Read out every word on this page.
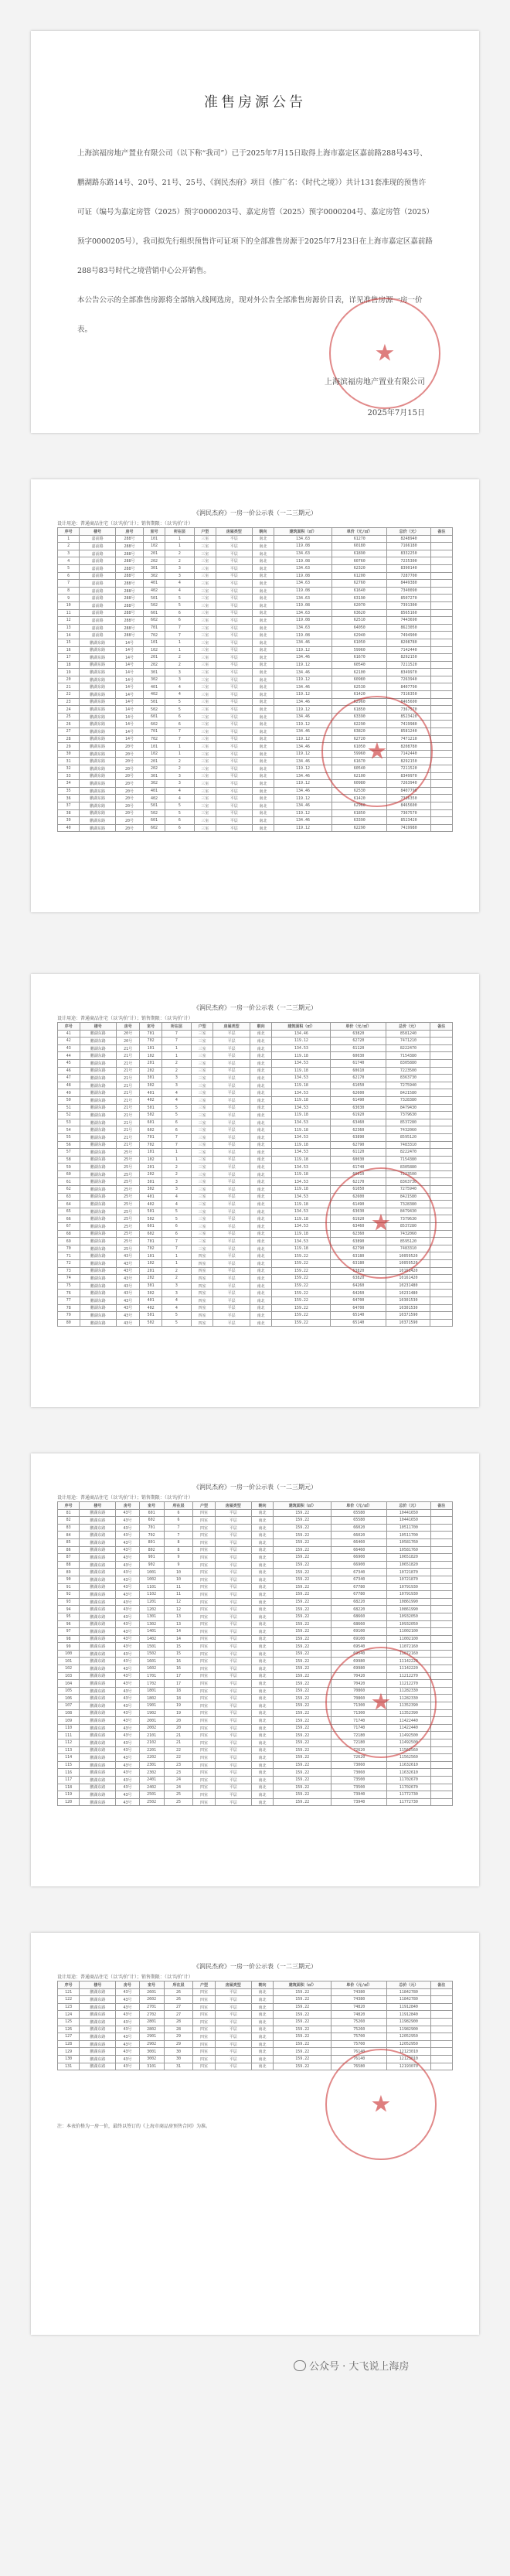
准售房源公告
上海滨福房地产置业有限公司（以下称“我司”）已于2025年7月15日取得上海市嘉定区嘉前路288号43号、鹏湖路东路14号、20号、21号、25号、《润民杰府》项目（推广名：《时代之境》）共计131套准现的预售许可证（编号为嘉定房管（2025）预字0000203号、嘉定房管（2025）预字0000204号、嘉定房管（2025）预字0000205号），我司拟先行组织预售许可证项下的全部准售房源于2025年7月23日在上海市嘉定区嘉前路288号83号时代之境营销中心公开销售。
本公告公示的全部准售房源将全部纳入线网选房，现对外公告全部准售房源价目表，详见准售房源一房一价表。
★
上海滨福房地产置业有限公司
2025年7月15日
《润民杰府》一房一价公示表（一二三期元）
设计用途：普通商品住宅（以‘均价’计）；销售期限：（以‘均价’计）
序号	楼号	房号	室号	所在层	户型	房屋类型	朝向	建筑面积（㎡）	单价（元/㎡）	总价（元）	备注
1	嘉前路	288号	101	1	三室	平层	南北	134.63	61270	8248940	
2	嘉前路	288号	102	1	三室	平层	南北	119.08	60180	7166180	
3	嘉前路	288号	201	2	三室	平层	南北	134.63	61890	8332250	
4	嘉前路	288号	202	2	三室	平层	南北	119.08	60760	7235300	
5	嘉前路	288号	301	3	三室	平层	南北	134.63	62320	8390140	
6	嘉前路	288号	302	3	三室	平层	南北	119.08	61200	7287700	
7	嘉前路	288号	401	4	三室	平层	南北	134.63	62760	8449380	
8	嘉前路	288号	402	4	三室	平层	南北	119.08	61640	7340090	
9	嘉前路	288号	501	5	三室	平层	南北	134.63	63190	8507270	
10	嘉前路	288号	502	5	三室	平层	南北	119.08	62070	7391300	
11	嘉前路	288号	601	6	三室	平层	南北	134.63	63620	8565160	
12	嘉前路	288号	602	6	三室	平层	南北	119.08	62510	7443690	
13	嘉前路	288号	701	7	三室	平层	南北	134.63	64050	8623050	
14	嘉前路	288号	702	7	三室	平层	南北	119.08	62940	7494900	
15	鹏湖东路	14号	101	1	三室	平层	南北	134.46	61050	8208780	
16	鹏湖东路	14号	102	1	三室	平层	南北	119.12	59960	7142440	
17	鹏湖东路	14号	201	2	三室	平层	南北	134.46	61670	8292150	
18	鹏湖东路	14号	202	2	三室	平层	南北	119.12	60540	7211520	
19	鹏湖东路	14号	301	3	三室	平层	南北	134.46	62100	8349970	
20	鹏湖东路	14号	302	3	三室	平层	南北	119.12	60980	7263940	
21	鹏湖东路	14号	401	4	三室	平层	南北	134.46	62530	8407790	
22	鹏湖东路	14号	402	4	三室	平层	南北	119.12	61420	7316350	
23	鹏湖东路	14号	501	5	三室	平层	南北	134.46	62960	8465600	
24	鹏湖东路	14号	502	5	三室	平层	南北	119.12	61850	7367570	
25	鹏湖东路	14号	601	6	三室	平层	南北	134.46	63390	8523420	
26	鹏湖东路	14号	602	6	三室	平层	南北	119.12	62290	7419980	
27	鹏湖东路	14号	701	7	三室	平层	南北	134.46	63820	8581240	
28	鹏湖东路	14号	702	7	三室	平层	南北	119.12	62720	7471210	
29	鹏湖东路	20号	101	1	三室	平层	南北	134.46	61050	8208780	
30	鹏湖东路	20号	102	1	三室	平层	南北	119.12	59960	7142440	
31	鹏湖东路	20号	201	2	三室	平层	南北	134.46	61670	8292150	
32	鹏湖东路	20号	202	2	三室	平层	南北	119.12	60540	7211520	
33	鹏湖东路	20号	301	3	三室	平层	南北	134.46	62100	8349970	
34	鹏湖东路	20号	302	3	三室	平层	南北	119.12	60980	7263940	
35	鹏湖东路	20号	401	4	三室	平层	南北	134.46	62530	8407790	
36	鹏湖东路	20号	402	4	三室	平层	南北	119.12	61420	7316350	
37	鹏湖东路	20号	501	5	三室	平层	南北	134.46	62960	8465600	
38	鹏湖东路	20号	502	5	三室	平层	南北	119.12	61850	7367570	
39	鹏湖东路	20号	601	6	三室	平层	南北	134.46	63390	8523420	
40	鹏湖东路	20号	602	6	三室	平层	南北	119.12	62290	7419980	
★
《润民杰府》一房一价公示表（一二三期元）
设计用途：普通商品住宅（以‘均价’计）；销售期限：（以‘均价’计）
序号	楼号	房号	室号	所在层	户型	房屋类型	朝向	建筑面积（㎡）	单价（元/㎡）	总价（元）	备注
41	鹏湖东路	20号	701	7	三室	平层	南北	134.46	63820	8581240	
42	鹏湖东路	20号	702	7	三室	平层	南北	119.12	62720	7471210	
43	鹏湖东路	21号	101	1	三室	平层	南北	134.53	61120	8222470	
44	鹏湖东路	21号	102	1	三室	平层	南北	119.18	60030	7154380	
45	鹏湖东路	21号	201	2	三室	平层	南北	134.53	61740	8305880	
46	鹏湖东路	21号	202	2	三室	平层	南北	119.18	60610	7223500	
47	鹏湖东路	21号	301	3	三室	平层	南北	134.53	62170	8363730	
48	鹏湖东路	21号	302	3	三室	平层	南北	119.18	61050	7275940	
49	鹏湖东路	21号	401	4	三室	平层	南北	134.53	62600	8421580	
50	鹏湖东路	21号	402	4	三室	平层	南北	119.18	61490	7328380	
51	鹏湖东路	21号	501	5	三室	平层	南北	134.53	63030	8479430	
52	鹏湖东路	21号	502	5	三室	平层	南北	119.18	61920	7379630	
53	鹏湖东路	21号	601	6	三室	平层	南北	134.53	63460	8537280	
54	鹏湖东路	21号	602	6	三室	平层	南北	119.18	62360	7432060	
55	鹏湖东路	21号	701	7	三室	平层	南北	134.53	63890	8595120	
56	鹏湖东路	21号	702	7	三室	平层	南北	119.18	62790	7483310	
57	鹏湖东路	25号	101	1	三室	平层	南北	134.53	61120	8222470	
58	鹏湖东路	25号	102	1	三室	平层	南北	119.18	60030	7154380	
59	鹏湖东路	25号	201	2	三室	平层	南北	134.53	61740	8305880	
60	鹏湖东路	25号	202	2	三室	平层	南北	119.18	60610	7223500	
61	鹏湖东路	25号	301	3	三室	平层	南北	134.53	62170	8363730	
62	鹏湖东路	25号	302	3	三室	平层	南北	119.18	61050	7275940	
63	鹏湖东路	25号	401	4	三室	平层	南北	134.53	62600	8421580	
64	鹏湖东路	25号	402	4	三室	平层	南北	119.18	61490	7328380	
65	鹏湖东路	25号	501	5	三室	平层	南北	134.53	63030	8479430	
66	鹏湖东路	25号	502	5	三室	平层	南北	119.18	61920	7379630	
67	鹏湖东路	25号	601	6	三室	平层	南北	134.53	63460	8537280	
68	鹏湖东路	25号	602	6	三室	平层	南北	119.18	62360	7432060	
69	鹏湖东路	25号	701	7	三室	平层	南北	134.53	63890	8595120	
70	鹏湖东路	25号	702	7	三室	平层	南北	119.18	62790	7483310	
71	鹏湖东路	43号	101	1	四室	平层	南北	159.22	63180	10059520	
72	鹏湖东路	43号	102	1	四室	平层	南北	159.22	63180	10059520	
73	鹏湖东路	43号	201	2	四室	平层	南北	159.22	63820	10161420	
74	鹏湖东路	43号	202	2	四室	平层	南北	159.22	63820	10161420	
75	鹏湖东路	43号	301	3	四室	平层	南北	159.22	64260	10231480	
76	鹏湖东路	43号	302	3	四室	平层	南北	159.22	64260	10231480	
77	鹏湖东路	43号	401	4	四室	平层	南北	159.22	64700	10301530	
78	鹏湖东路	43号	402	4	四室	平层	南北	159.22	64700	10301530	
79	鹏湖东路	43号	501	5	四室	平层	南北	159.22	65140	10371590	
80	鹏湖东路	43号	502	5	四室	平层	南北	159.22	65140	10371590	
★
《润民杰府》一房一价公示表（一二三期元）
设计用途：普通商品住宅（以‘均价’计）；销售期限：（以‘均价’计）
序号	楼号	房号	室号	所在层	户型	房屋类型	朝向	建筑面积（㎡）	单价（元/㎡）	总价（元）	备注
81	鹏湖东路	43号	601	6	四室	平层	南北	159.22	65580	10441650	
82	鹏湖东路	43号	602	6	四室	平层	南北	159.22	65580	10441650	
83	鹏湖东路	43号	701	7	四室	平层	南北	159.22	66020	10511700	
84	鹏湖东路	43号	702	7	四室	平层	南北	159.22	66020	10511700	
85	鹏湖东路	43号	801	8	四室	平层	南北	159.22	66460	10581760	
86	鹏湖东路	43号	802	8	四室	平层	南北	159.22	66460	10581760	
87	鹏湖东路	43号	901	9	四室	平层	南北	159.22	66900	10651820	
88	鹏湖东路	43号	902	9	四室	平层	南北	159.22	66900	10651820	
89	鹏湖东路	43号	1001	10	四室	平层	南北	159.22	67340	10721870	
90	鹏湖东路	43号	1002	10	四室	平层	南北	159.22	67340	10721870	
91	鹏湖东路	43号	1101	11	四室	平层	南北	159.22	67780	10791930	
92	鹏湖东路	43号	1102	11	四室	平层	南北	159.22	67780	10791930	
93	鹏湖东路	43号	1201	12	四室	平层	南北	159.22	68220	10861990	
94	鹏湖东路	43号	1202	12	四室	平层	南北	159.22	68220	10861990	
95	鹏湖东路	43号	1301	13	四室	平层	南北	159.22	68660	10932050	
96	鹏湖东路	43号	1302	13	四室	平层	南北	159.22	68660	10932050	
97	鹏湖东路	43号	1401	14	四室	平层	南北	159.22	69100	11002100	
98	鹏湖东路	43号	1402	14	四室	平层	南北	159.22	69100	11002100	
99	鹏湖东路	43号	1501	15	四室	平层	南北	159.22	69540	11072160	
100	鹏湖东路	43号	1502	15	四室	平层	南北	159.22	69540	11072160	
101	鹏湖东路	43号	1601	16	四室	平层	南北	159.22	69980	11142220	
102	鹏湖东路	43号	1602	16	四室	平层	南北	159.22	69980	11142220	
103	鹏湖东路	43号	1701	17	四室	平层	南北	159.22	70420	11212270	
104	鹏湖东路	43号	1702	17	四室	平层	南北	159.22	70420	11212270	
105	鹏湖东路	43号	1801	18	四室	平层	南北	159.22	70860	11282330	
106	鹏湖东路	43号	1802	18	四室	平层	南北	159.22	70860	11282330	
107	鹏湖东路	43号	1901	19	四室	平层	南北	159.22	71300	11352390	
108	鹏湖东路	43号	1902	19	四室	平层	南北	159.22	71300	11352390	
109	鹏湖东路	43号	2001	20	四室	平层	南北	159.22	71740	11422440	
110	鹏湖东路	43号	2002	20	四室	平层	南北	159.22	71740	11422440	
111	鹏湖东路	43号	2101	21	四室	平层	南北	159.22	72180	11492500	
112	鹏湖东路	43号	2102	21	四室	平层	南北	159.22	72180	11492500	
113	鹏湖东路	43号	2201	22	四室	平层	南北	159.22	72620	11562560	
114	鹏湖东路	43号	2202	22	四室	平层	南北	159.22	72620	11562560	
115	鹏湖东路	43号	2301	23	四室	平层	南北	159.22	73060	11632610	
116	鹏湖东路	43号	2302	23	四室	平层	南北	159.22	73060	11632610	
117	鹏湖东路	43号	2401	24	四室	平层	南北	159.22	73500	11702670	
118	鹏湖东路	43号	2402	24	四室	平层	南北	159.22	73500	11702670	
119	鹏湖东路	43号	2501	25	四室	平层	南北	159.22	73940	11772730	
120	鹏湖东路	43号	2502	25	四室	平层	南北	159.22	73940	11772730	
★
《润民杰府》一房一价公示表（一二三期元）
设计用途：普通商品住宅（以‘均价’计）；销售期限：（以‘均价’计）
序号	楼号	房号	室号	所在层	户型	房屋类型	朝向	建筑面积（㎡）	单价（元/㎡）	总价（元）	备注
121	鹏湖东路	43号	2601	26	四室	平层	南北	159.22	74380	11842780	
122	鹏湖东路	43号	2602	26	四室	平层	南北	159.22	74380	11842780	
123	鹏湖东路	43号	2701	27	四室	平层	南北	159.22	74820	11912840	
124	鹏湖东路	43号	2702	27	四室	平层	南北	159.22	74820	11912840	
125	鹏湖东路	43号	2801	28	四室	平层	南北	159.22	75260	11982900	
126	鹏湖东路	43号	2802	28	四室	平层	南北	159.22	75260	11982900	
127	鹏湖东路	43号	2901	29	四室	平层	南北	159.22	75700	12052950	
128	鹏湖东路	43号	2902	29	四室	平层	南北	159.22	75700	12052950	
129	鹏湖东路	43号	3001	30	四室	平层	南北	159.22	76140	12123010	
130	鹏湖东路	43号	3002	30	四室	平层	南北	159.22	76140	12123010	
131	鹏湖东路	43号	3101	31	四室	平层	南北	159.22	76580	12193070	
注：本表价格为一房一价，最终以签订的《上海市商品房预售合同》为准。
★
公众号 · 大飞说上海房
